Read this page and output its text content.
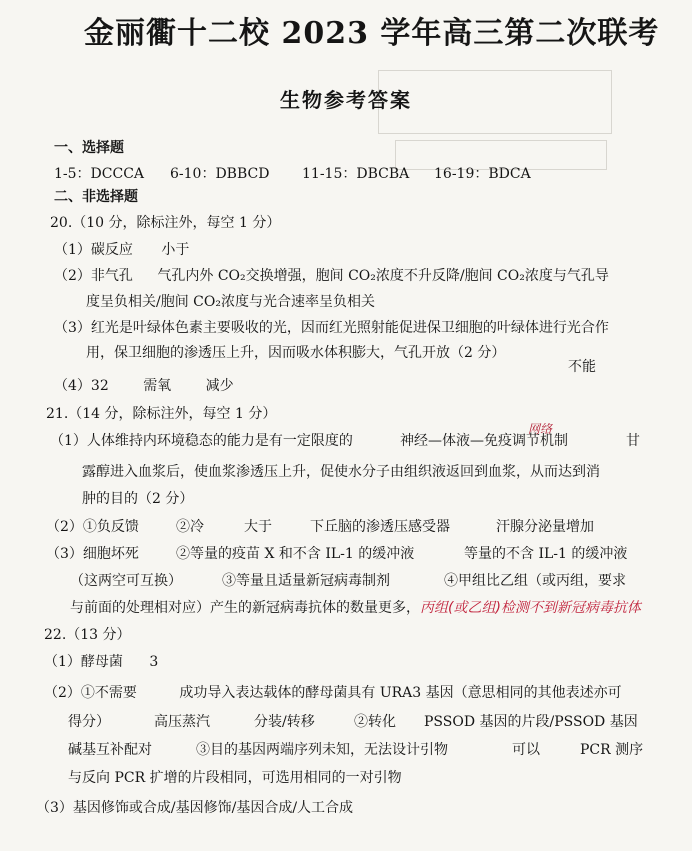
金丽衢十二校 2023 学年高三第二次联考
生物参考答案
一、选择题
1-5：DCCCA 6-10：DBBCD 11-15：DBCBA 16-19：BDCA
二、非选择题
20.（10 分，除标注外，每空 1 分）
（1）碳反应 小于
（2）非气孔 气孔内外 CO₂交换增强，胞间 CO₂浓度不升反降/胞间 CO₂浓度与气孔导
度呈负相关/胞间 CO₂浓度与光合速率呈负相关
（3）红光是叶绿体色素主要吸收的光，因而红光照射能促进保卫细胞的叶绿体进行光合作
用，保卫细胞的渗透压上升，因而吸水体积膨大，气孔开放（2 分）
不能
（4）32 需氧 减少
21.（14 分，除标注外，每空 1 分）
（1）人体维持内环境稳态的能力是有一定限度的	神经—体液—免疫调节机制	甘
网络
露醇进入血浆后，使血浆渗透压上升，促使水分子由组织液返回到血浆，从而达到消
肿的目的（2 分）
（2）①负反馈	②冷	大于	下丘脑的渗透压感受器	汗腺分泌量增加
（3）细胞坏死	②等量的疫苗 X 和不含 IL-1 的缓冲液	等量的不含 IL-1 的缓冲液
（这两空可互换）	③等量且适量新冠病毒制剂	④甲组比乙组（或丙组，要求
与前面的处理相对应）产生的新冠病毒抗体的数量更多，丙组(或乙组)检测不到新冠病毒抗体
22.（13 分）
（1）酵母菌 3
（2）①不需要	成功导入表达载体的酵母菌具有 URA3 基因（意思相同的其他表述亦可
得分）	高压蒸汽	分装/转移	②转化 PSSOD 基因的片段/PSSOD 基因
碱基互补配对	③目的基因两端序列未知，无法设计引物	可以	PCR 测序
与反向 PCR 扩增的片段相同，可选用相同的一对引物
（3）基因修饰或合成/基因修饰/基因合成/人工合成
